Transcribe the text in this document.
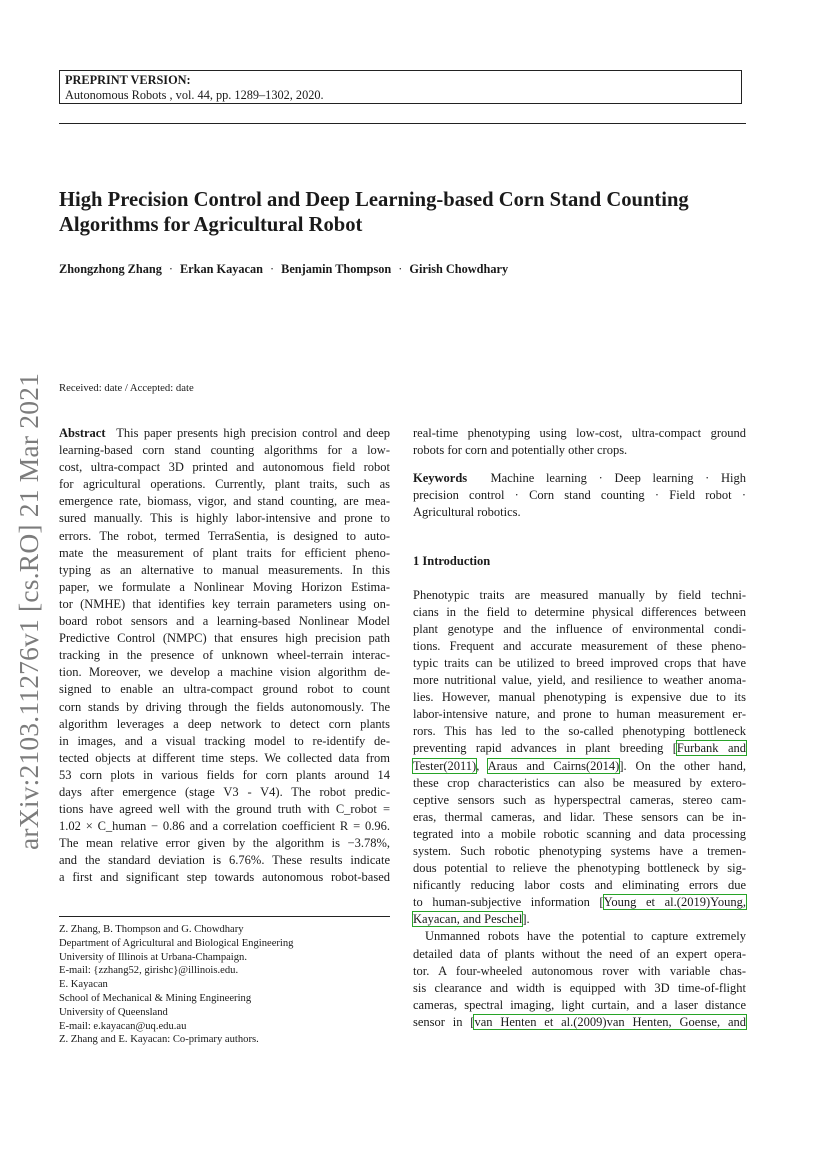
PREPRINT VERSION:
Autonomous Robots , vol. 44, pp. 1289–1302, 2020.
High Precision Control and Deep Learning-based Corn Stand Counting
Algorithms for Agricultural Robot
Zhongzhong Zhang · Erkan Kayacan · Benjamin Thompson · Girish Chowdhary
Received: date / Accepted: date
arXiv:2103.11276v1 [cs.RO] 21 Mar 2021 Abstract This paper presents high precision control and deep
learning-based corn stand counting algorithms for a low-
cost, ultra-compact 3D printed and autonomous field robot
for agricultural operations. Currently, plant traits, such as
emergence rate, biomass, vigor, and stand counting, are mea-
sured manually. This is highly labor-intensive and prone to
errors. The robot, termed TerraSentia, is designed to auto-
mate the measurement of plant traits for efficient pheno-
typing as an alternative to manual measurements. In this
paper, we formulate a Nonlinear Moving Horizon Estima-
tor (NMHE) that identifies key terrain parameters using on-
board robot sensors and a learning-based Nonlinear Model
Predictive Control (NMPC) that ensures high precision path
tracking in the presence of unknown wheel-terrain interac-
tion. Moreover, we develop a machine vision algorithm de-
signed to enable an ultra-compact ground robot to count
corn stands by driving through the fields autonomously. The
algorithm leverages a deep network to detect corn plants
in images, and a visual tracking model to re-identify de-
tected objects at different time steps. We collected data from
53 corn plots in various fields for corn plants around 14
days after emergence (stage V3 - V4). The robot predic-
tions have agreed well with the ground truth with C_robot =
1.02 × C_human − 0.86 and a correlation coefficient R = 0.96.
The mean relative error given by the algorithm is −3.78%,
and the standard deviation is 6.76%. These results indicate
a first and significant step towards autonomous robot-based
Z. Zhang, B. Thompson and G. Chowdhary
Department of Agricultural and Biological Engineering
University of Illinois at Urbana-Champaign.
E-mail: {zzhang52, girishc}@illinois.edu.
E. Kayacan
School of Mechanical & Mining Engineering
University of Queensland
E-mail: e.kayacan@uq.edu.au
Z. Zhang and E. Kayacan: Co-primary authors.
real-time phenotyping using low-cost, ultra-compact ground
robots for corn and potentially other crops.
Keywords Machine learning · Deep learning · High
precision control · Corn stand counting · Field robot ·
Agricultural robotics.
1 Introduction
Phenotypic traits are measured manually by field techni-
cians in the field to determine physical differences between
plant genotype and the influence of environmental condi-
tions. Frequent and accurate measurement of these pheno-
typic traits can be utilized to breed improved crops that have
more nutritional value, yield, and resilience to weather anoma-
lies. However, manual phenotyping is expensive due to its
labor-intensive nature, and prone to human measurement er-
rors. This has led to the so-called phenotyping bottleneck
preventing rapid advances in plant breeding [Furbank and
Tester(2011), Araus and Cairns(2014)]. On the other hand,
these crop characteristics can also be measured by extero-
ceptive sensors such as hyperspectral cameras, stereo cam-
eras, thermal cameras, and lidar. These sensors can be in-
tegrated into a mobile robotic scanning and data processing
system. Such robotic phenotyping systems have a tremen-
dous potential to relieve the phenotyping bottleneck by sig-
nificantly reducing labor costs and eliminating errors due
to human-subjective information [Young et al.(2019)Young,
Kayacan, and Peschel].
Unmanned robots have the potential to capture extremely
detailed data of plants without the need of an expert opera-
tor. A four-wheeled autonomous rover with variable chas-
sis clearance and width is equipped with 3D time-of-flight
cameras, spectral imaging, light curtain, and a laser distance
sensor in [van Henten et al.(2009)van Henten, Goense, and
